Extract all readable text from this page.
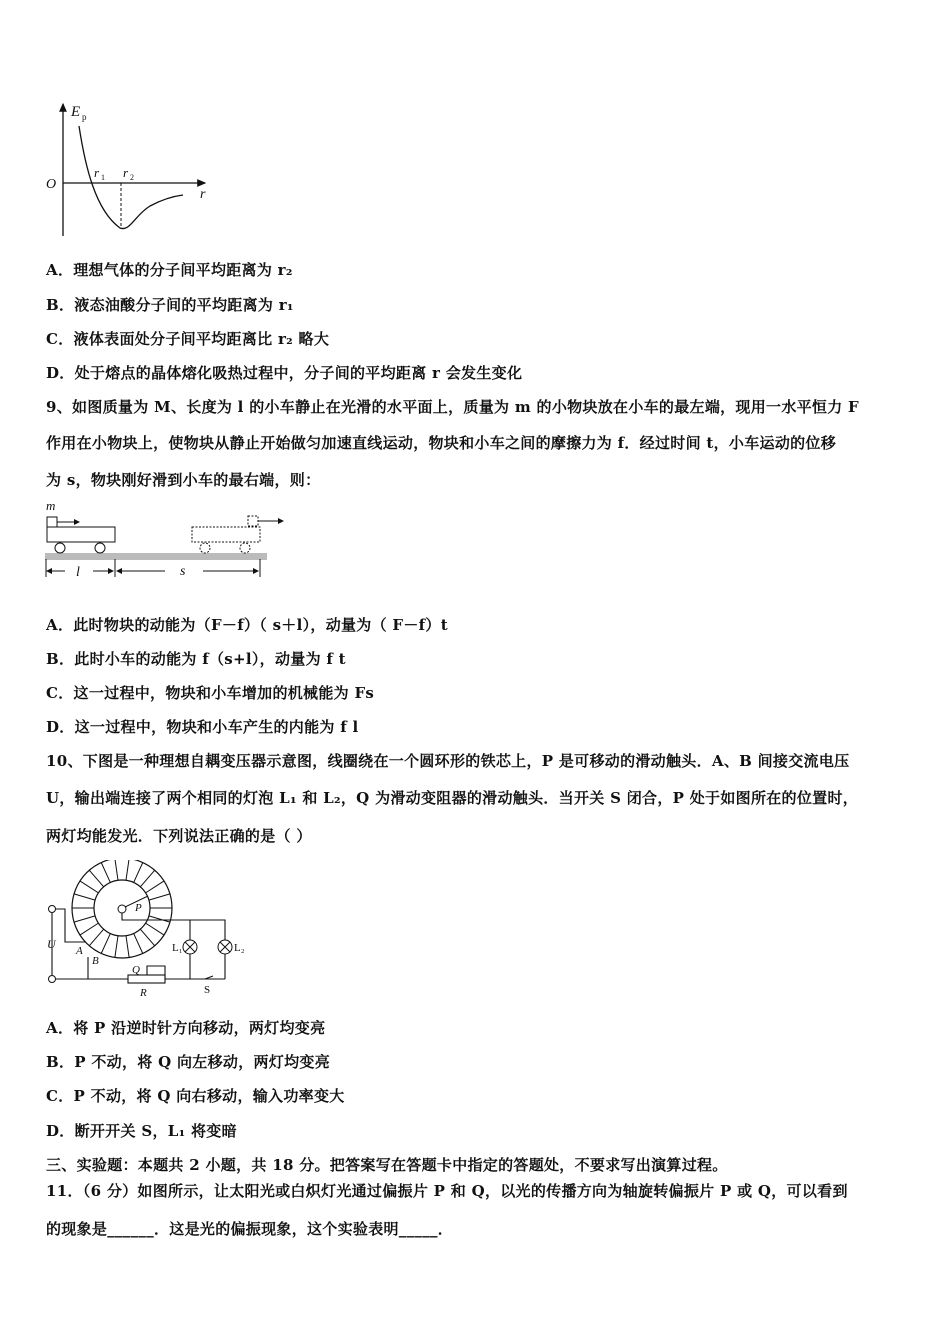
E p
O
r 1 r 2
r
A．理想气体的分子间平均距离为 r₂
B．液态油酸分子间的平均距离为 r₁
C．液体表面处分子间平均距离比 r₂ 略大
D．处于熔点的晶体熔化吸热过程中，分子间的平均距离 r 会发生变化
9、如图质量为 M、长度为 l 的小车静止在光滑的水平面上，质量为 m 的小物块放在小车的最左端，现用一水平恒力 F
作用在小物块上，使物块从静止开始做匀加速直线运动，物块和小车之间的摩擦力为 f．经过时间 t，小车运动的位移
为 s，物块刚好滑到小车的最右端，则：
m
l	s
A．此时物块的动能为（F－f）（ s＋l），动量为（ F－f）t
B．此时小车的动能为 f（s+l），动量为 f t
C．这一过程中，物块和小车增加的机械能为 Fs
D．这一过程中，物块和小车产生的内能为 f l
10、下图是一种理想自耦变压器示意图，线圈绕在一个圆环形的铁芯上，P 是可移动的滑动触头．A、B 间接交流电压
U，输出端连接了两个相同的灯泡 L₁ 和 L₂，Q 为滑动变阻器的滑动触头．当开关 S 闭合，P 处于如图所在的位置时，
两灯均能发光．下列说法正确的是（ ）
U A
B
P
Q
R
L₁	L₂
S
A．将 P 沿逆时针方向移动，两灯均变亮
B．P 不动，将 Q 向左移动，两灯均变亮
C．P 不动，将 Q 向右移动，输入功率变大
D．断开开关 S，L₁ 将变暗
三、实验题：本题共 2 小题，共 18 分。把答案写在答题卡中指定的答题处，不要求写出演算过程。
11．（6 分）如图所示，让太阳光或白炽灯光通过偏振片 P 和 Q，以光的传播方向为轴旋转偏振片 P 或 Q，可以看到
的现象是______．这是光的偏振现象，这个实验表明_____．
